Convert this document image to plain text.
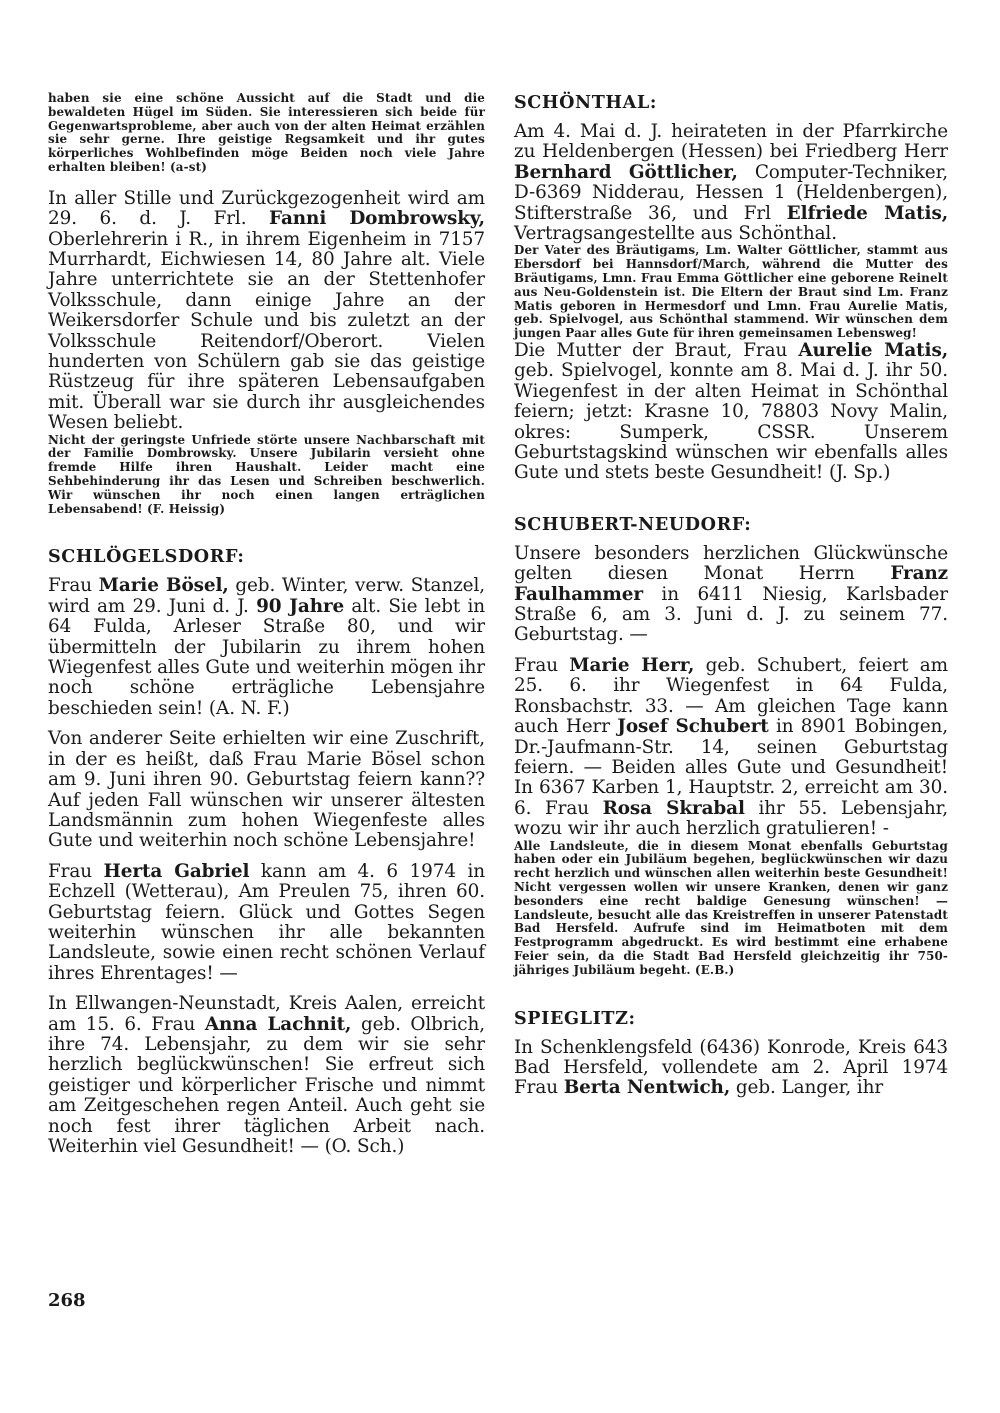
haben sie eine schöne Aussicht auf die Stadt und die bewaldeten Hügel im Süden. Sie interessieren sich beide für Gegenwartsprobleme, aber auch von der alten Heimat erzählen sie sehr gerne. Ihre geistige Regsamkeit und ihr gutes körperliches Wohlbefinden möge Beiden noch viele Jahre erhalten bleiben! (a-st)

In aller Stille und Zurückgezogenheit wird am 29. 6. d. J. Frl. Fanni Dombrowsky, Oberlehrerin i R., in ihrem Eigenheim in 7157 Murrhardt, Eichwiesen 14, 80 Jahre alt. Viele Jahre unterrichtete sie an der Stettenhofer Volksschule, dann einige Jahre an der Weikersdorfer Schule und bis zuletzt an der Volksschule Reitendorf/Oberort. Vielen hunderten von Schülern gab sie das geistige Rüstzeug für ihre späteren Lebensaufgaben mit. Überall war sie durch ihr ausgleichendes Wesen beliebt.

Nicht der geringste Unfriede störte unsere Nachbarschaft mit der Familie Dombrowsky. Unsere Jubilarin versieht ohne fremde Hilfe ihren Haushalt. Leider macht eine Sehbehinderung ihr das Lesen und Schreiben beschwerlich. Wir wünschen ihr noch einen langen erträglichen Lebensabend! (F. Heissig)

SCHLÖGELSDORF:

Frau Marie Bösel, geb. Winter, verw. Stanzel, wird am 29. Juni d. J. 90 Jahre alt. Sie lebt in 64 Fulda, Arleser Straße 80, und wir übermitteln der Jubilarin zu ihrem hohen Wiegenfest alles Gute und weiterhin mögen ihr noch schöne erträgliche Lebensjahre beschieden sein! (A. N. F.)

Von anderer Seite erhielten wir eine Zuschrift, in der es heißt, daß Frau Marie Bösel schon am 9. Juni ihren 90. Geburtstag feiern kann?? Auf jeden Fall wünschen wir unserer ältesten Landsmännin zum hohen Wiegenfeste alles Gute und weiterhin noch schöne Lebensjahre!

Frau Herta Gabriel kann am 4. 6 1974 in Echzell (Wetterau), Am Preulen 75, ihren 60. Geburtstag feiern. Glück und Gottes Segen weiterhin wünschen ihr alle bekannten Landsleute, sowie einen recht schönen Verlauf ihres Ehrentages! —

In Ellwangen-Neunstadt, Kreis Aalen, erreicht am 15. 6. Frau Anna Lachnit, geb. Olbrich, ihre 74. Lebensjahr, zu dem wir sie sehr herzlich beglückwünschen! Sie erfreut sich geistiger und körperlicher Frische und nimmt am Zeitgeschehen regen Anteil. Auch geht sie noch fest ihrer täglichen Arbeit nach. Weiterhin viel Gesundheit! — (O. Sch.)

SCHÖNTHAL:

Am 4. Mai d. J. heirateten in der Pfarrkirche zu Heldenbergen (Hessen) bei Friedberg Herr Bernhard Göttlicher, Computer-Techniker, D-6369 Nidderau, Hessen 1 (Heldenbergen), Stifterstraße 36, und Frl Elfriede Matis, Vertragsangestellte aus Schönthal.

Der Vater des Bräutigams, Lm. Walter Göttlicher, stammt aus Ebersdorf bei Hannsdorf/March, während die Mutter des Bräutigams, Lmn. Frau Emma Göttlicher eine geborene Reinelt aus Neu-Goldenstein ist. Die Eltern der Braut sind Lm. Franz Matis geboren in Hermesdorf und Lmn. Frau Aurelie Matis, geb. Spielvogel, aus Schönthal stammend. Wir wünschen dem jungen Paar alles Gute für ihren gemeinsamen Lebensweg!

Die Mutter der Braut, Frau Aurelie Matis, geb. Spielvogel, konnte am 8. Mai d. J. ihr 50. Wiegenfest in der alten Heimat in Schönthal feiern; jetzt: Krasne 10, 78803 Novy Malin, okres: Sumperk, CSSR. Unserem Geburtstagskind wünschen wir ebenfalls alles Gute und stets beste Gesundheit! (J. Sp.)

SCHUBERT-NEUDORF:

Unsere besonders herzlichen Glückwünsche gelten diesen Monat Herrn Franz Faulhammer in 6411 Niesig, Karlsbader Straße 6, am 3. Juni d. J. zu seinem 77. Geburtstag. —

Frau Marie Herr, geb. Schubert, feiert am 25. 6. ihr Wiegenfest in 64 Fulda, Ronsbachstr. 33. — Am gleichen Tage kann auch Herr Josef Schubert in 8901 Bobingen, Dr.-Jaufmann-Str. 14, seinen Geburtstag feiern. — Beiden alles Gute und Gesundheit! In 6367 Karben 1, Hauptstr. 2, erreicht am 30. 6. Frau Rosa Skrabal ihr 55. Lebensjahr, wozu wir ihr auch herzlich gratulieren! -

Alle Landsleute, die in diesem Monat ebenfalls Geburtstag haben oder ein Jubiläum begehen, beglückwünschen wir dazu recht herzlich und wünschen allen weiterhin beste Gesundheit! Nicht vergessen wollen wir unsere Kranken, denen wir ganz besonders eine recht baldige Genesung wünschen! — Landsleute, besucht alle das Kreistreffen in unserer Patenstadt Bad Hersfeld. Aufrufe sind im Heimatboten mit dem Festprogramm abgedruckt. Es wird bestimmt eine erhabene Feier sein, da die Stadt Bad Hersfeld gleichzeitig ihr 750-jähriges Jubiläum begeht. (E.B.)

SPIEGLITZ:

In Schenklengsfeld (6436) Konrode, Kreis 643 Bad Hersfeld, vollendete am 2. April 1974 Frau Berta Nentwich, geb. Langer, ihr

268
